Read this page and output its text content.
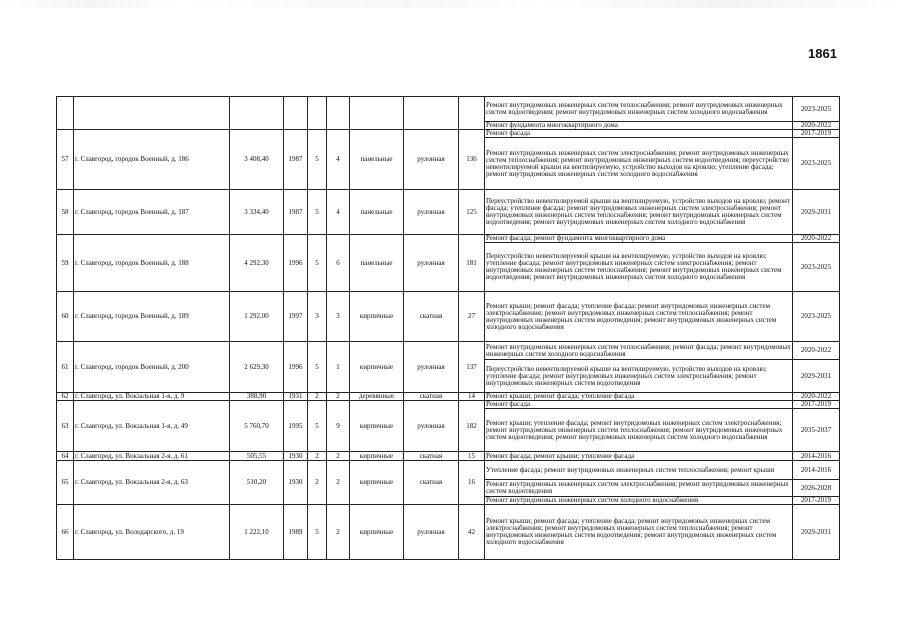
1861
									Ремонт внутридомовых инженерных систем теплоснабжения; ремонт внутридомовых инженерных систем водоотведения; ремонт внутридомовых инженерных систем холодного водоснабжения	2023-2025
									Ремонт фундамента многоквартирного дома	2020-2022
57	г. Славгород, городок Военный, д. 186	3 408,40	1987	5	4	панельные	рулонная	136	Ремонт фасада	2017-2019
									Ремонт внутридомовых инженерных систем электроснабжения; ремонт внутридомовых инженерных систем теплоснабжения; ремонт внутридомовых инженерных систем водоотведения; переустройство невентилируемой крыши на вентилируемую, устройство выходов на кровлю; утепление фасада; ремонт внутридомовых инженерных систем холодного водоснабжения	2023-2025
58	г. Славгород, городок Военный, д. 187	3 334,40	1987	5	4	панельные	рулонная	125	Переустройство невентилируемой крыши на вентилируемую, устройство выходов на кровлю; ремонт фасада; утепление фасада; ремонт внутридомовых инженерных систем электроснабжения; ремонт внутридомовых инженерных систем теплоснабжения; ремонт внутридомовых инженерных систем водоотведения; ремонт внутридомовых инженерных систем холодного водоснабжения	2029-2031
59	г. Славгород, городок Военный, д. 188	4 292,30	1996	5	6	панельные	рулонная	181	Ремонт фасада; ремонт фундамента многоквартирного дома	2020-2022
									Переустройство невентилируемой крыши на вентилируемую, устройство выходов на кровлю; утепление фасада; ремонт внутридомовых инженерных систем электроснабжения; ремонт внутридомовых инженерных систем теплоснабжения; ремонт внутридомовых инженерных систем водоотведения; ремонт внутридомовых инженерных систем холодного водоснабжения	2023-2025
60	г. Славгород, городок Военный, д. 189	1 292,00	1997	3	3	кирпичные	скатная	27	Ремонт крыши; ремонт фасада; утепление фасада; ремонт внутридомовых инженерных систем электроснабжения; ремонт внутридомовых инженерных систем теплоснабжения; ремонт внутридомовых инженерных систем водоотведения; ремонт внутридомовых инженерных систем холодного водоснабжения	2023-2025
61	г. Славгород, городок Военный, д. 200	2 629,30	1996	5	1	кирпичные	рулонная	137	Ремонт внутридомовых инженерных систем теплоснабжения; ремонт фасада; ремонт внутридомовых инженерных систем холодного водоснабжения	2020-2022
									Переустройство невентилируемой крыши на вентилируемую, устройство выходов на кровлю; утепление фасада; ремонт внутридомовых инженерных систем электроснабжения; ремонт внутридомовых инженерных систем водоотведения	2029-2031
62	г. Славгород, ул. Вокзальная 1-я, д. 9	388,90	1931	2	2	деревянные	скатная	14	Ремонт крыши; ремонт фасада; утепление фасада	2020-2022
63	г. Славгород, ул. Вокзальная 1-я, д. 49	5 760,70	1995	5	9	кирпичные	рулонная	182	Ремонт фасада	2017-2019
									Ремонт крыши; утепление фасада; ремонт внутридомовых инженерных систем электроснабжения; ремонт внутридомовых инженерных систем теплоснабжения; ремонт внутридомовых инженерных систем водоотведения; ремонт внутридомовых инженерных систем холодного водоснабжения	2035-2037
64	г. Славгород, ул. Вокзальная 2-я, д. 61	505,55	1930	2	2	кирпичные	скатная	15	Ремонт фасада; ремонт крыши; утепление фасада	2014-2016
65	г. Славгород, ул. Вокзальная 2-я, д. 63	510,20	1930	2	2	кирпичные	скатная	16	Утепление фасада; ремонт внутридомовых инженерных систем теплоснабжения; ремонт крыши	2014-2016
									Ремонт внутридомовых инженерных систем электроснабжения; ремонт внутридомовых инженерных систем водоотведения	2026-2028
									Ремонт внутридомовых инженерных систем холодного водоснабжения	2017-2019
66	г. Славгород, ул. Володарского, д. 19	1 222,10	1989	5	2	кирпичные	рулонная	42	Ремонт крыши; ремонт фасада; утепление фасада; ремонт внутридомовых инженерных систем электроснабжения; ремонт внутридомовых инженерных систем теплоснабжения; ремонт внутридомовых инженерных систем водоотведения; ремонт внутридомовых инженерных систем холодного водоснабжения	2029-2031
